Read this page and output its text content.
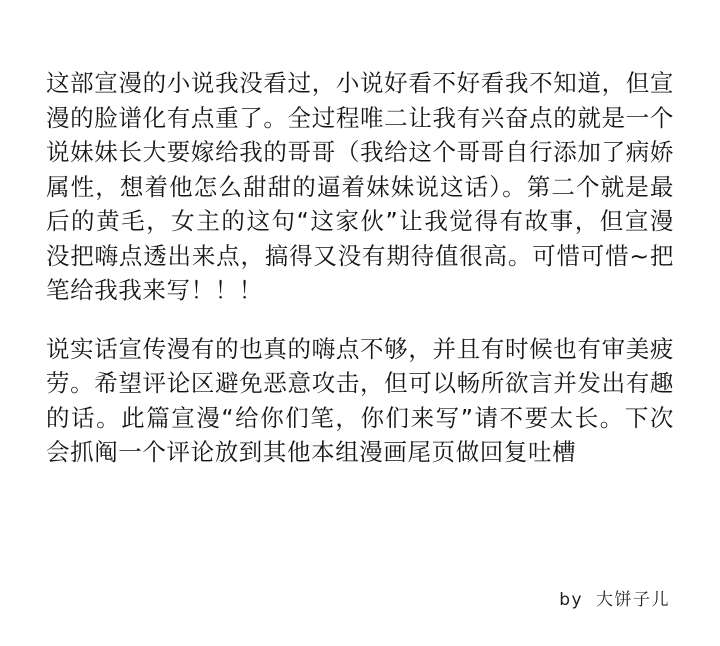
这部宣漫的小说我没看过，小说好看不好看我不知道，但宣漫的脸谱化有点重了。全过程唯二让我有兴奋点的就是一个说妹妹长大要嫁给我的哥哥（我给这个哥哥自行添加了病娇属性，想着他怎么甜甜的逼着妹妹说这话）。第二个就是最后的黄毛，女主的这句“这家伙”让我觉得有故事，但宣漫没把嗨点透出来点，搞得又没有期待值很高。可惜可惜~把笔给我我来写！！！
说实话宣传漫有的也真的嗨点不够，并且有时候也有审美疲劳。希望评论区避免恶意攻击，但可以畅所欲言并发出有趣的话。此篇宣漫“给你们笔，你们来写”请不要太长。下次会抓阄一个评论放到其他本组漫画尾页做回复吐槽
by 大饼子儿
